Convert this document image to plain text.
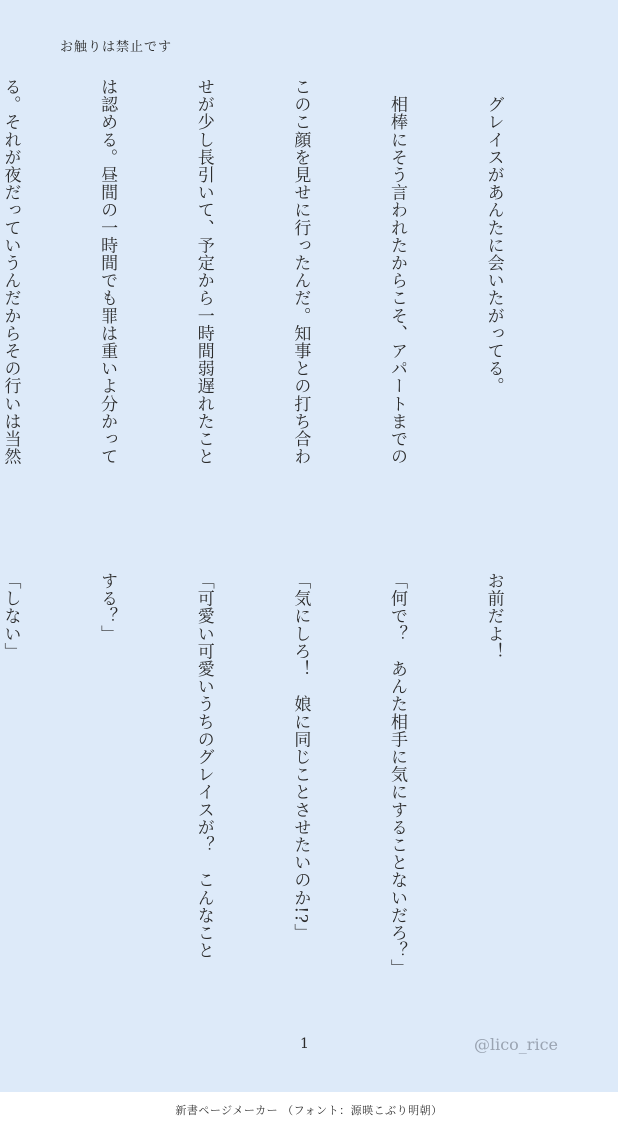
お触りは禁止です

　グレイスがあんたに会いたがってる。

　相棒にそう言われたからこそ、アパートまでの

このこ顔を見せに行ったんだ。知事との打ち合わ

せが少し長引いて、予定から一時間弱遅れたこと

は認める。昼間の一時間でも罪は重いよ分かって

る。それが夜だっていうんだからその行いは当然

お前だよ！

「何で？　あんた相手に気にすることないだろ？」

「気にしろ！　娘に同じことさせたいのか!?」

「可愛い可愛いうちのグレイスが？　こんなこと

する？」

「しない」

1	@lico_rice
新書ページメーカー （フォント：源暎こぶり明朝）
